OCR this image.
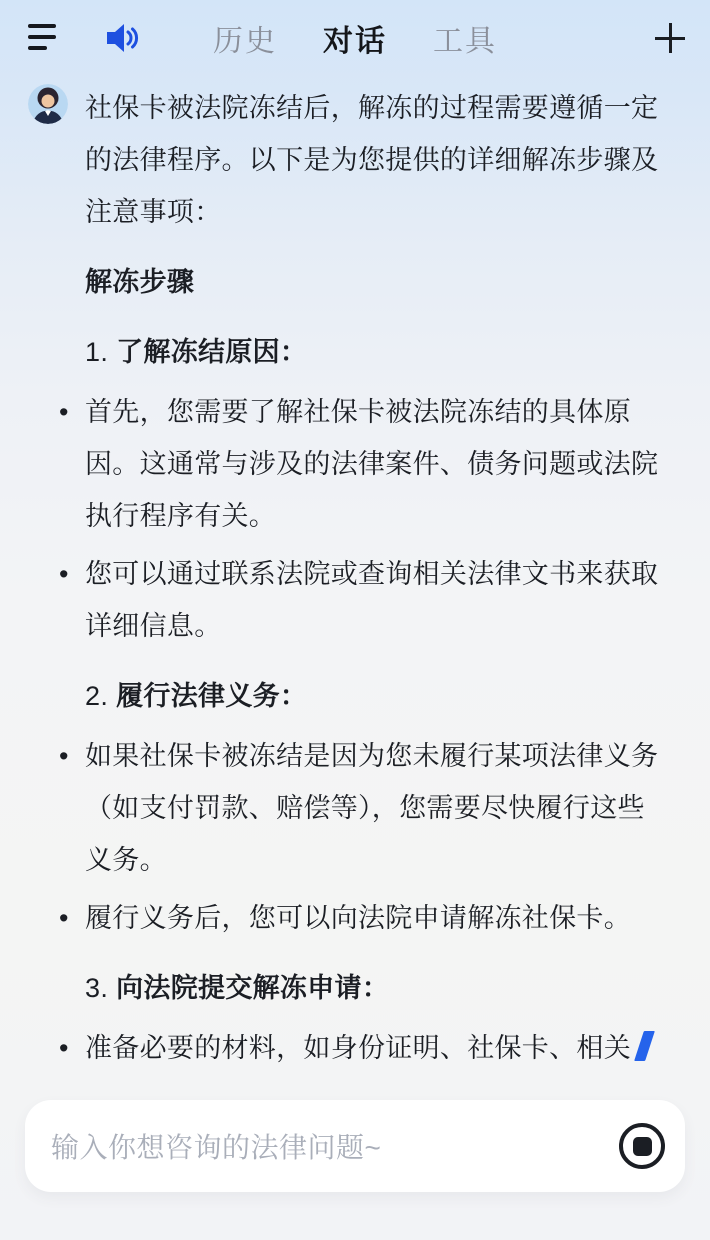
历史 对话 工具

社保卡被法院冻结后，解冻的过程需要遵循一定的法律程序。以下是为您提供的详细解冻步骤及注意事项：

解冻步骤

1. 了解冻结原因：
• 首先，您需要了解社保卡被法院冻结的具体原因。这通常与涉及的法律案件、债务问题或法院执行程序有关。
• 您可以通过联系法院或查询相关法律文书来获取详细信息。
2. 履行法律义务：
• 如果社保卡被冻结是因为您未履行某项法律义务（如支付罚款、赔偿等），您需要尽快履行这些义务。
• 履行义务后，您可以向法院申请解冻社保卡。
3. 向法院提交解冻申请：
• 准备必要的材料，如身份证明、社保卡、相关
输入你想咨询的法律问题~
